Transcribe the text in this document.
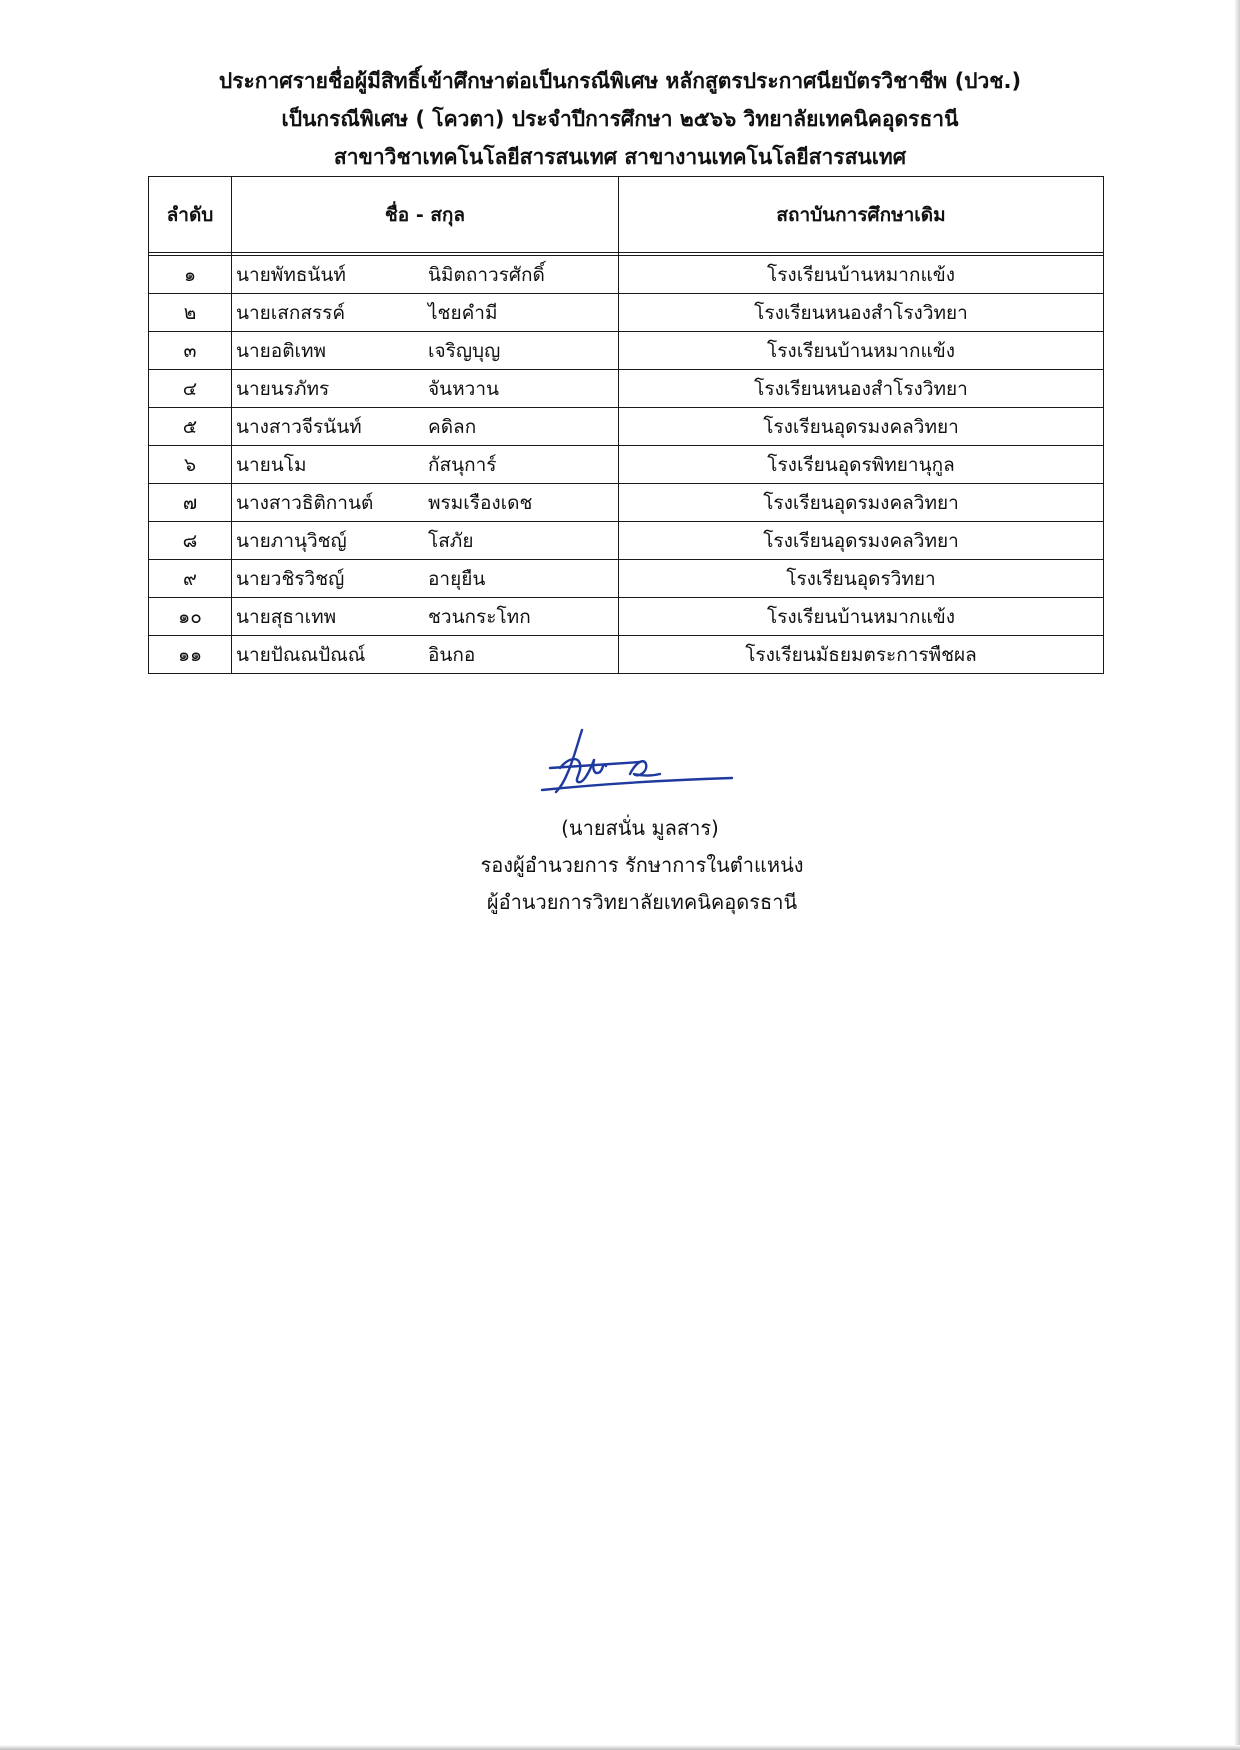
ประกาศรายชื่อผู้มีสิทธิ์เข้าศึกษาต่อเป็นกรณีพิเศษ หลักสูตรประกาศนียบัตรวิชาชีพ (ปวช.)
เป็นกรณีพิเศษ ( โควตา) ประจำปีการศึกษา ๒๕๖๖ วิทยาลัยเทคนิคอุดรธานี
สาขาวิชาเทคโนโลยีสารสนเทศ สาขางานเทคโนโลยีสารสนเทศ
ลำดับ	ชื่อ - สกุล	สถาบันการศึกษาเดิม

๑	นายพัทธนันท์ นิมิตถาวรศักดิ์	โรงเรียนบ้านหมากแข้ง
๒	นายเสกสรรค์ ไชยคำมี	โรงเรียนหนองสำโรงวิทยา
๓	นายอติเทพ เจริญบุญ	โรงเรียนบ้านหมากแข้ง
๔	นายนรภัทร จันหวาน	โรงเรียนหนองสำโรงวิทยา
๕	นางสาวจีรนันท์ คดิลก	โรงเรียนอุดรมงคลวิทยา
๖	นายนโม กัสนุการ์	โรงเรียนอุดรพิทยานุกูล
๗	นางสาวธิติกานต์ พรมเรืองเดช	โรงเรียนอุดรมงคลวิทยา
๘	นายภานุวิชญ์ โสภัย	โรงเรียนอุดรมงคลวิทยา
๙	นายวชิรวิชญ์ อายุยืน	โรงเรียนอุดรวิทยา
๑๐	นายสุธาเทพ ชวนกระโทก	โรงเรียนบ้านหมากแข้ง
๑๑	นายปัณณปัณณ์ อินกอ	โรงเรียนมัธยมตระการพืชผล
(นายสนั่น มูลสาร)
รองผู้อำนวยการ รักษาการในตำแหน่ง
ผู้อำนวยการวิทยาลัยเทคนิคอุดรธานี
